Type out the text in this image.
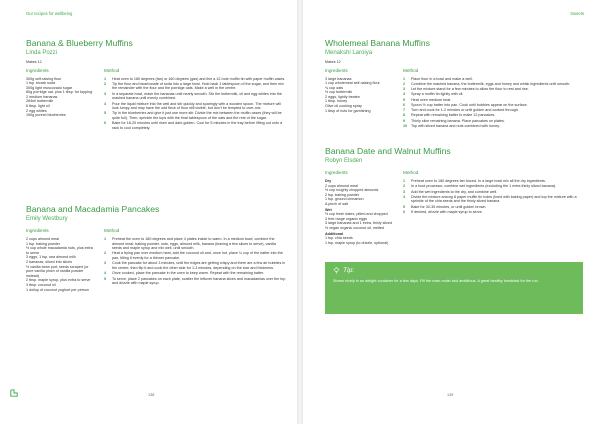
Our recipes for wellbeing
Banana & Blueberry Muffins
Linda Pozzi
Makes 12
Ingredients
300g self-raising flour
1 tsp. bicarb soda
300g light muscovado sugar
80g porridge oat, plus 1 tbsp. for topping
2 medium bananas
284ml buttermilk
6 tbsp. light oil
2 egg whites
150g punnet blueberries
Method
1	Heat oven to 180 degrees (fan) or 160 degrees (gas) and line a 12-hole muffin tin with paper muffin cases.
2	Tip the flour and bicarbonate of soda into a large bowl. Hold back 1 tablespoon of the sugar, and then mix the remainder with the flour and the porridge oats. Make a well in the centre.
3	In a separate bowl, mash the bananas until nearly smooth. Stir the buttermilk, oil and egg whites into the mashed banana until evenly combined.
4	Pour the liquid mixture into the well and stir quickly and sparingly with a wooden spoon. The mixture will look lumpy and may have the odd fleck of flour still visible, but don't be tempted to over-mix.
5	Tip in the blueberries and give it just one more stir. Divide the mix between the muffin cases (they will be quite full). Then, sprinkle the tops with the final tablespoon of the oats and the rest of the sugar.
6	Bake for 18-20 minutes until risen and dark golden. Cool for 5 minutes in the tray before lifting out onto a rack to cool completely.
Banana and Macadamia Pancakes
Emily Westbury
Ingredients
2 cups almond meal
1 tsp. baking powder
½ cup whole macadamia nuts, plus extra to serve
3 eggs, 1 tsp. sea almond milk
2 bananas, sliced into slices
½ vanilla bean pod, seeds scraped (or pure vanilla pinch of vanilla powder instead)
2 tbsp. maple syrup, plus extra to serve
3 tbsp. coconut oil
1 dollop of coconut yoghurt per person
Method
1	Preheat the oven to 180 degrees and place 4 plates inside to warm. In a medium bowl, combine the almond meal, baking powder, nuts, eggs, almond milk, banana (leaving a few slices to serve), vanilla seeds and maple syrup and mix well, until smooth.
2	Heat a frying pan over medium heat, add the coconut oil and, once hot, place ¼ cup of the batter into the pan, tilting it evenly for a thinner pancake.
3	Cook the pancake for about 3 minutes, until the edges are getting crispy and there are a few air bubbles in the centre, then flip it and cook the other side for 1-3 minutes, depending on the size and thickness.
4	Once cooked, place the pancake in the oven to keep warm. Repeat with the remaining batter.
5	To serve, place 2 pancakes on each plate, scatter the leftover banana slices and macadamias over the top and drizzle with maple syrup.
138
Sweets
Wholemeal Banana Muffins
Menakshi Laroiya
Makes 12
Ingredients
3 large bananas
1 cup wholemeal self-raising flour
¾ cup oats
½ cup buttermilk
2 eggs, lightly beaten
1 tbsp. honey
Olive oil cooking spray
1 tbsp of nuts for garnishing
Method
1	Place flour in a bowl and make a well.
2	Combine the mashed banana, the buttermilk, eggs and honey and whisk ingredients until smooth.
3	Let the mixture stand for a few minutes to allow the flour to rest and rise.
4	Spray a muffin tin lightly with oil.
5	Heat oven medium heat.
6	Spoon ½ cup batter into pan. Cook until bubbles appear on the surface.
7	Turn and cook for 1-2 minutes or until golden and cooked through.
8	Repeat with remaining batter to make 12 pancakes.
9	Thinly slice remaining banana. Place pancakes on plates.
10	Top with sliced banana and nuts combined with honey.
Banana Date and Walnut Muffins
Robyn Elsden
Ingredients
Dry
2 cups almond meal
½ cup roughly chopped almonds
2 tsp. baking powder
1 tsp. ground cinnamon
A pinch of salt
Wet
½ cup fresh dates, pitted and chopped
3 free range organic eggs
3 large bananas and 1 extra, thinly sliced
½ vegan organic coconut oil, melted
Additional
1 tsp. chia seeds
1 tsp. maple syrup (to drizzle, optional)
Method
1	Preheat oven to 180 degrees fan forced. In a large bowl mix all the dry ingredients.
2	In a food processor, combine wet ingredients (excluding the 1 extra thinly sliced banana).
3	Add the wet ingredients to the dry, and combine well.
4	Divide the mixture among 8 paper muffin tin holes (lined with baking paper) and top the mixture with a sprinkle of the chia seeds and the thinly sliced banana.
5	Bake for 30-35 minutes, or until golden brown.
6	If desired, drizzle with maple syrup to serve.
Tip:
Stores nicely in an airtight container for a few days. Fill the main motel and ambitious. A great healthy breakfast for the run.
139
